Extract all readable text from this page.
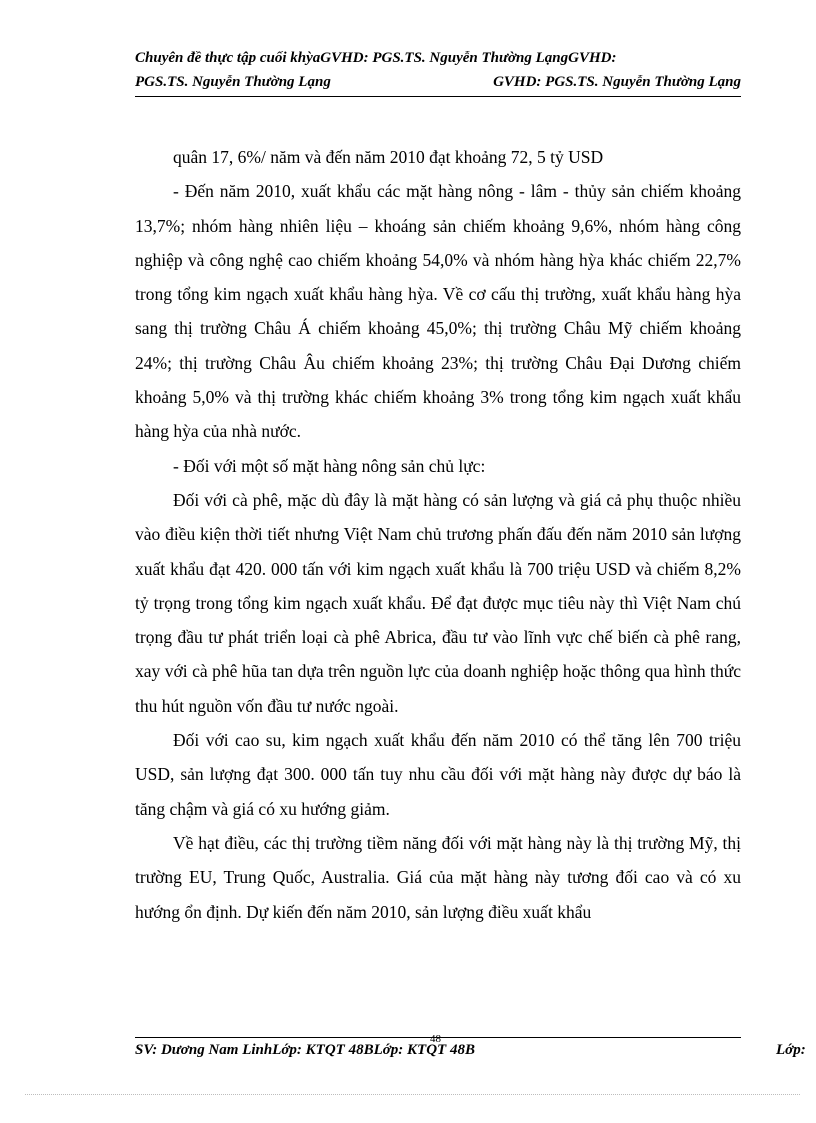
Chuyên đề thực tập cuối khỳaGVHD: PGS.TS. Nguyễn Thường LạngGVHD:
PGS.TS. Nguyễn Thường Lạng	GVHD: PGS.TS. Nguyễn Thường Lạng

quân 17, 6%/ năm và đến năm 2010 đạt khoảng 72, 5 tỷ USD

- Đến năm 2010, xuất khẩu các mặt hàng nông - lâm - thủy sản chiếm khoảng 13,7%; nhóm hàng nhiên liệu – khoáng sản chiếm khoảng 9,6%, nhóm hàng công nghiệp và công nghệ cao chiếm khoảng 54,0% và nhóm hàng hỳa khác chiếm 22,7% trong tổng kim ngạch xuất khẩu hàng hỳa. Về cơ cấu thị trường, xuất khẩu hàng hỳa sang thị trường Châu Á chiếm khoảng 45,0%; thị trường Châu Mỹ chiếm khoảng 24%; thị trường Châu Âu chiếm khoảng 23%; thị trường Châu Đại Dương chiếm khoảng 5,0% và thị trường khác chiếm khoảng 3% trong tổng kim ngạch xuất khẩu hàng hỳa của nhà nước.

- Đối với một số mặt hàng nông sản chủ lực:

Đối với cà phê, mặc dù đây là mặt hàng có sản lượng và giá cả phụ thuộc nhiều vào điều kiện thời tiết nhưng Việt Nam chủ trương phấn đấu đến năm 2010 sản lượng xuất khẩu đạt 420. 000 tấn với kim ngạch xuất khẩu là 700 triệu USD và chiếm 8,2% tỷ trọng trong tổng kim ngạch xuất khẩu. Để đạt được mục tiêu này thì Việt Nam chú trọng đầu tư phát triển loại cà phê Abrica, đầu tư vào lĩnh vực chế biến cà phê rang, xay với cà phê hũa tan dựa trên nguồn lực của doanh nghiệp hoặc thông qua hình thức thu hút nguồn vốn đầu tư nước ngoài.

Đối với cao su, kim ngạch xuất khẩu đến năm 2010 có thể tăng lên 700 triệu USD, sản lượng đạt 300. 000 tấn tuy nhu cầu đối với mặt hàng này được dự báo là tăng chậm và giá có xu hướng giảm.

Về hạt điều, các thị trường tiềm năng đối với mặt hàng này là thị trường Mỹ, thị trường EU, Trung Quốc, Australia. Giá của mặt hàng này tương đối cao và có xu hướng ổn định. Dự kiến đến năm 2010, sản lượng điều xuất khẩu

48
SV: Dương Nam LinhLớp: KTQT 48BLớp: KTQT 48B	Lớp:
